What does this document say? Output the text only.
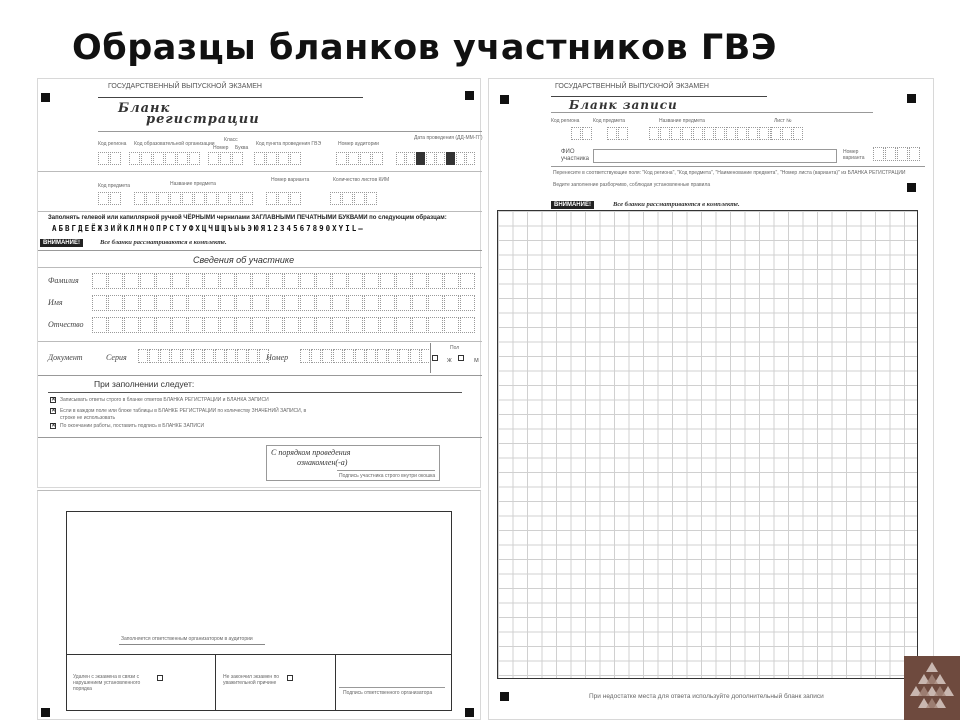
Образцы бланков участников ГВЭ
ГОСУДАРСТВЕННЫЙ ВЫПУСКНОЙ ЭКЗАМЕН
Бланк
регистрации
Код региона Код образовательной организации
Класс
Номер Буква
Код пункта проведения ГВЭ	Номер аудитории
Дата проведения (ДД-ММ-ГГ)
Код предмета	Название предмета
Номер варианта	Количество листов КИМ
Заполнять гелевой или капиллярной ручкой ЧЁРНЫМИ чернилами ЗАГЛАВНЫМИ ПЕЧАТНЫМИ БУКВАМИ по следующим образцам:
АБВГДЕЁЖЗИЙКЛМНОПРСТУФХЦЧШЩЪЫЬЭЮЯ1234567890XYIL–
ВНИМАНИЕ!	Все бланки рассматриваются в комплекте.
Сведения об участнике
Фамилия
Имя
Отчество
Документ	Серия	Номер
Пол
ж	м
При заполнении следует:
✕ Записывать ответы строго в бланке ответов БЛАНКА РЕГИСТРАЦИИ и БЛАНКА ЗАПИСИ
✕ Если в каждом поле или блоке таблицы в БЛАНКЕ РЕГИСТРАЦИИ по количеству ЗНАЧЕНИЙ ЗАПИСИ, в строке не использовать
✕ По окончании работы, поставить подпись в БЛАНКЕ ЗАПИСИ
С порядком проведения
ознакомлен(-а)
Подпись участника строго внутри окошка
Заполняется ответственным организатором в аудитории
Удален с экзамена в связи с нарушением установленного порядка
Не закончил экзамен по уважительной причине
Подпись ответственного организатора
ГОСУДАРСТВЕННЫЙ ВЫПУСКНОЙ ЭКЗАМЕН
Бланк записи
Код региона	Код предмета	Название предмета	Лист №
ФИО участника
Номер варианта
Перенесите в соответствующие поля: "Код региона", "Код предмета", "Наименование предмета", "Номер листа (варианта)" из БЛАНКА РЕГИСТРАЦИИ
Ведите заполнение разборчиво, соблюдая установленные правила
ВНИМАНИЕ!	Все бланки рассматриваются в комплекте.
При недостатке места для ответа используйте дополнительный бланк записи
